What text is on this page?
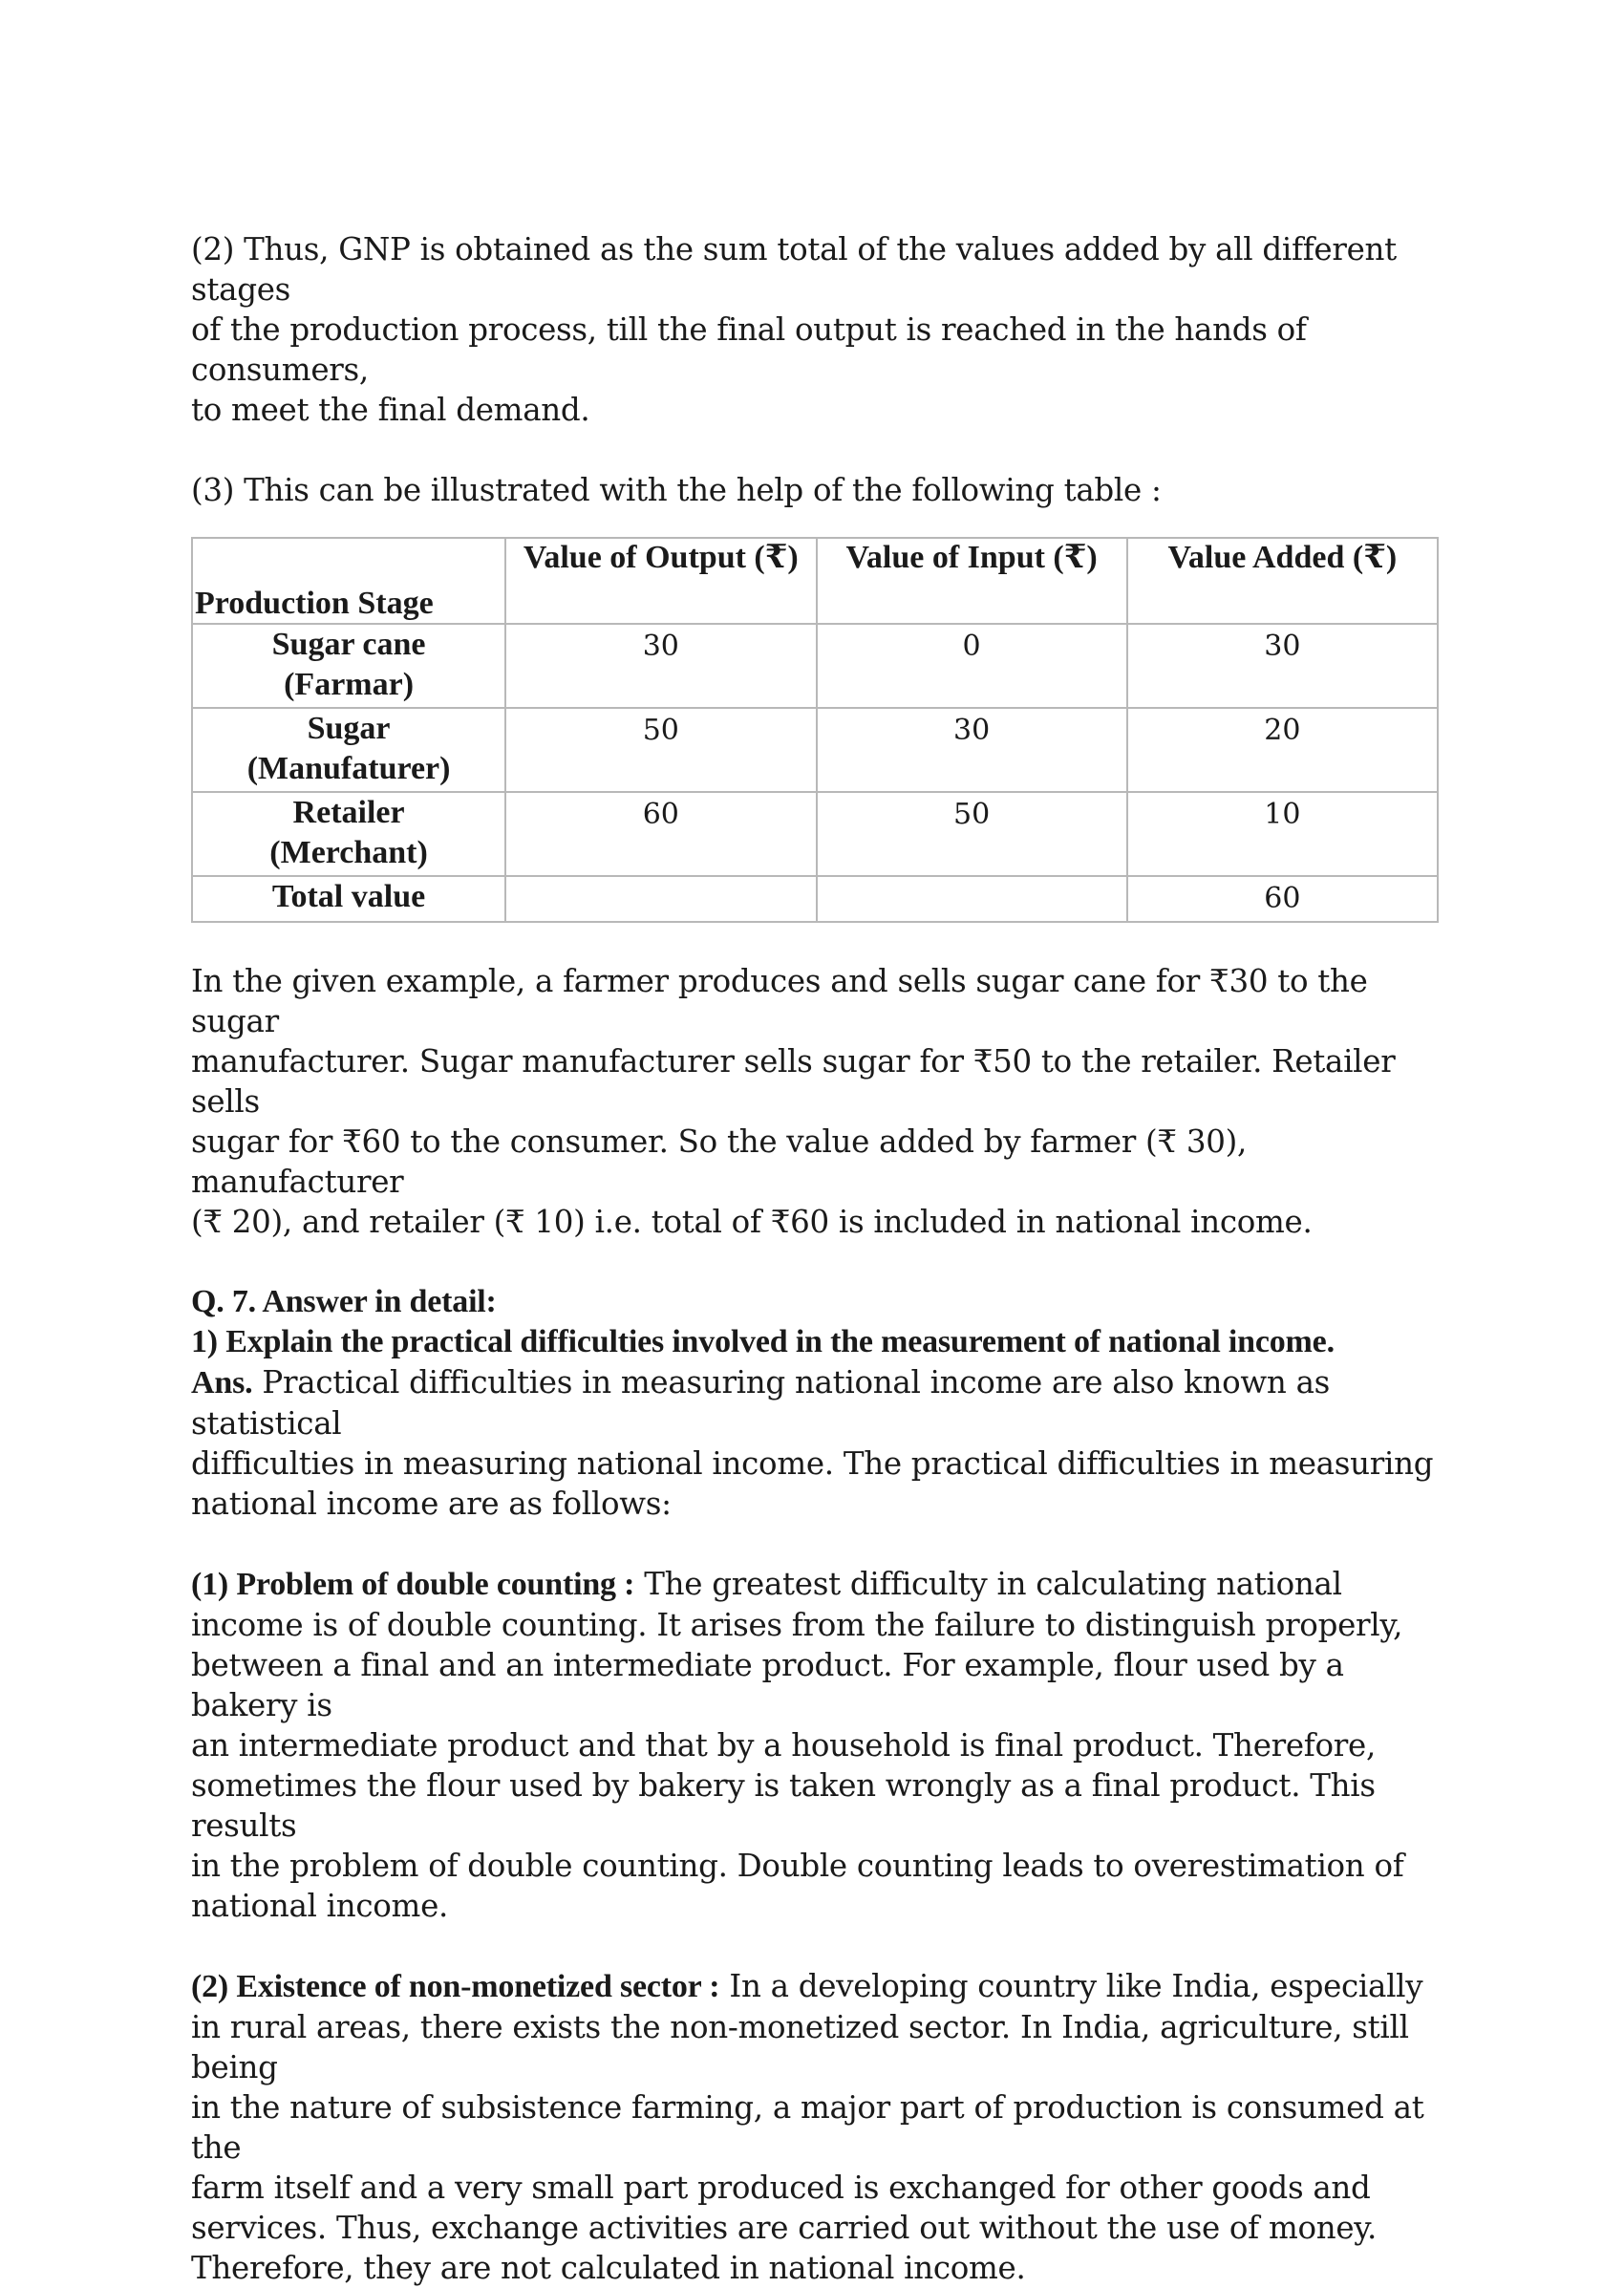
(2) Thus, GNP is obtained as the sum total of the values added by all different stages

of the production process, till the final output is reached in the hands of consumers,

to meet the final demand.

(3) This can be illustrated with the help of the following table :

Production Stage	Value of Output (₹)	Value of Input (₹)	Value Added (₹)

Sugar cane
(Farmar)	30	0	30

Sugar
(Manufaturer)	50	30	20

Retailer
(Merchant)	60	50	10
Total value			60

In the given example, a farmer produces and sells sugar cane for ₹30 to the sugar

manufacturer. Sugar manufacturer sells sugar for ₹50 to the retailer. Retailer sells

sugar for ₹60 to the consumer. So the value added by farmer (₹ 30), manufacturer

(₹ 20), and retailer (₹ 10) i.e. total of ₹60 is included in national income.

Q. 7. Answer in detail:

1) Explain the practical difficulties involved in the measurement of national income.

Ans. Practical difficulties in measuring national income are also known as statistical

difficulties in measuring national income. The practical difficulties in measuring

national income are as follows:

(1) Problem of double counting : The greatest difficulty in calculating national

income is of double counting. It arises from the failure to distinguish properly,

between a final and an intermediate product. For example, flour used by a bakery is

an intermediate product and that by a household is final product. Therefore,

sometimes the flour used by bakery is taken wrongly as a final product. This results

in the problem of double counting. Double counting leads to overestimation of

national income.

(2) Existence of non-monetized sector : In a developing country like India, especially

in rural areas, there exists the non-monetized sector. In India, agriculture, still being

in the nature of subsistence farming, a major part of production is consumed at the

farm itself and a very small part produced is exchanged for other goods and

services. Thus, exchange activities are carried out without the use of money.

Therefore, they are not calculated in national income.
